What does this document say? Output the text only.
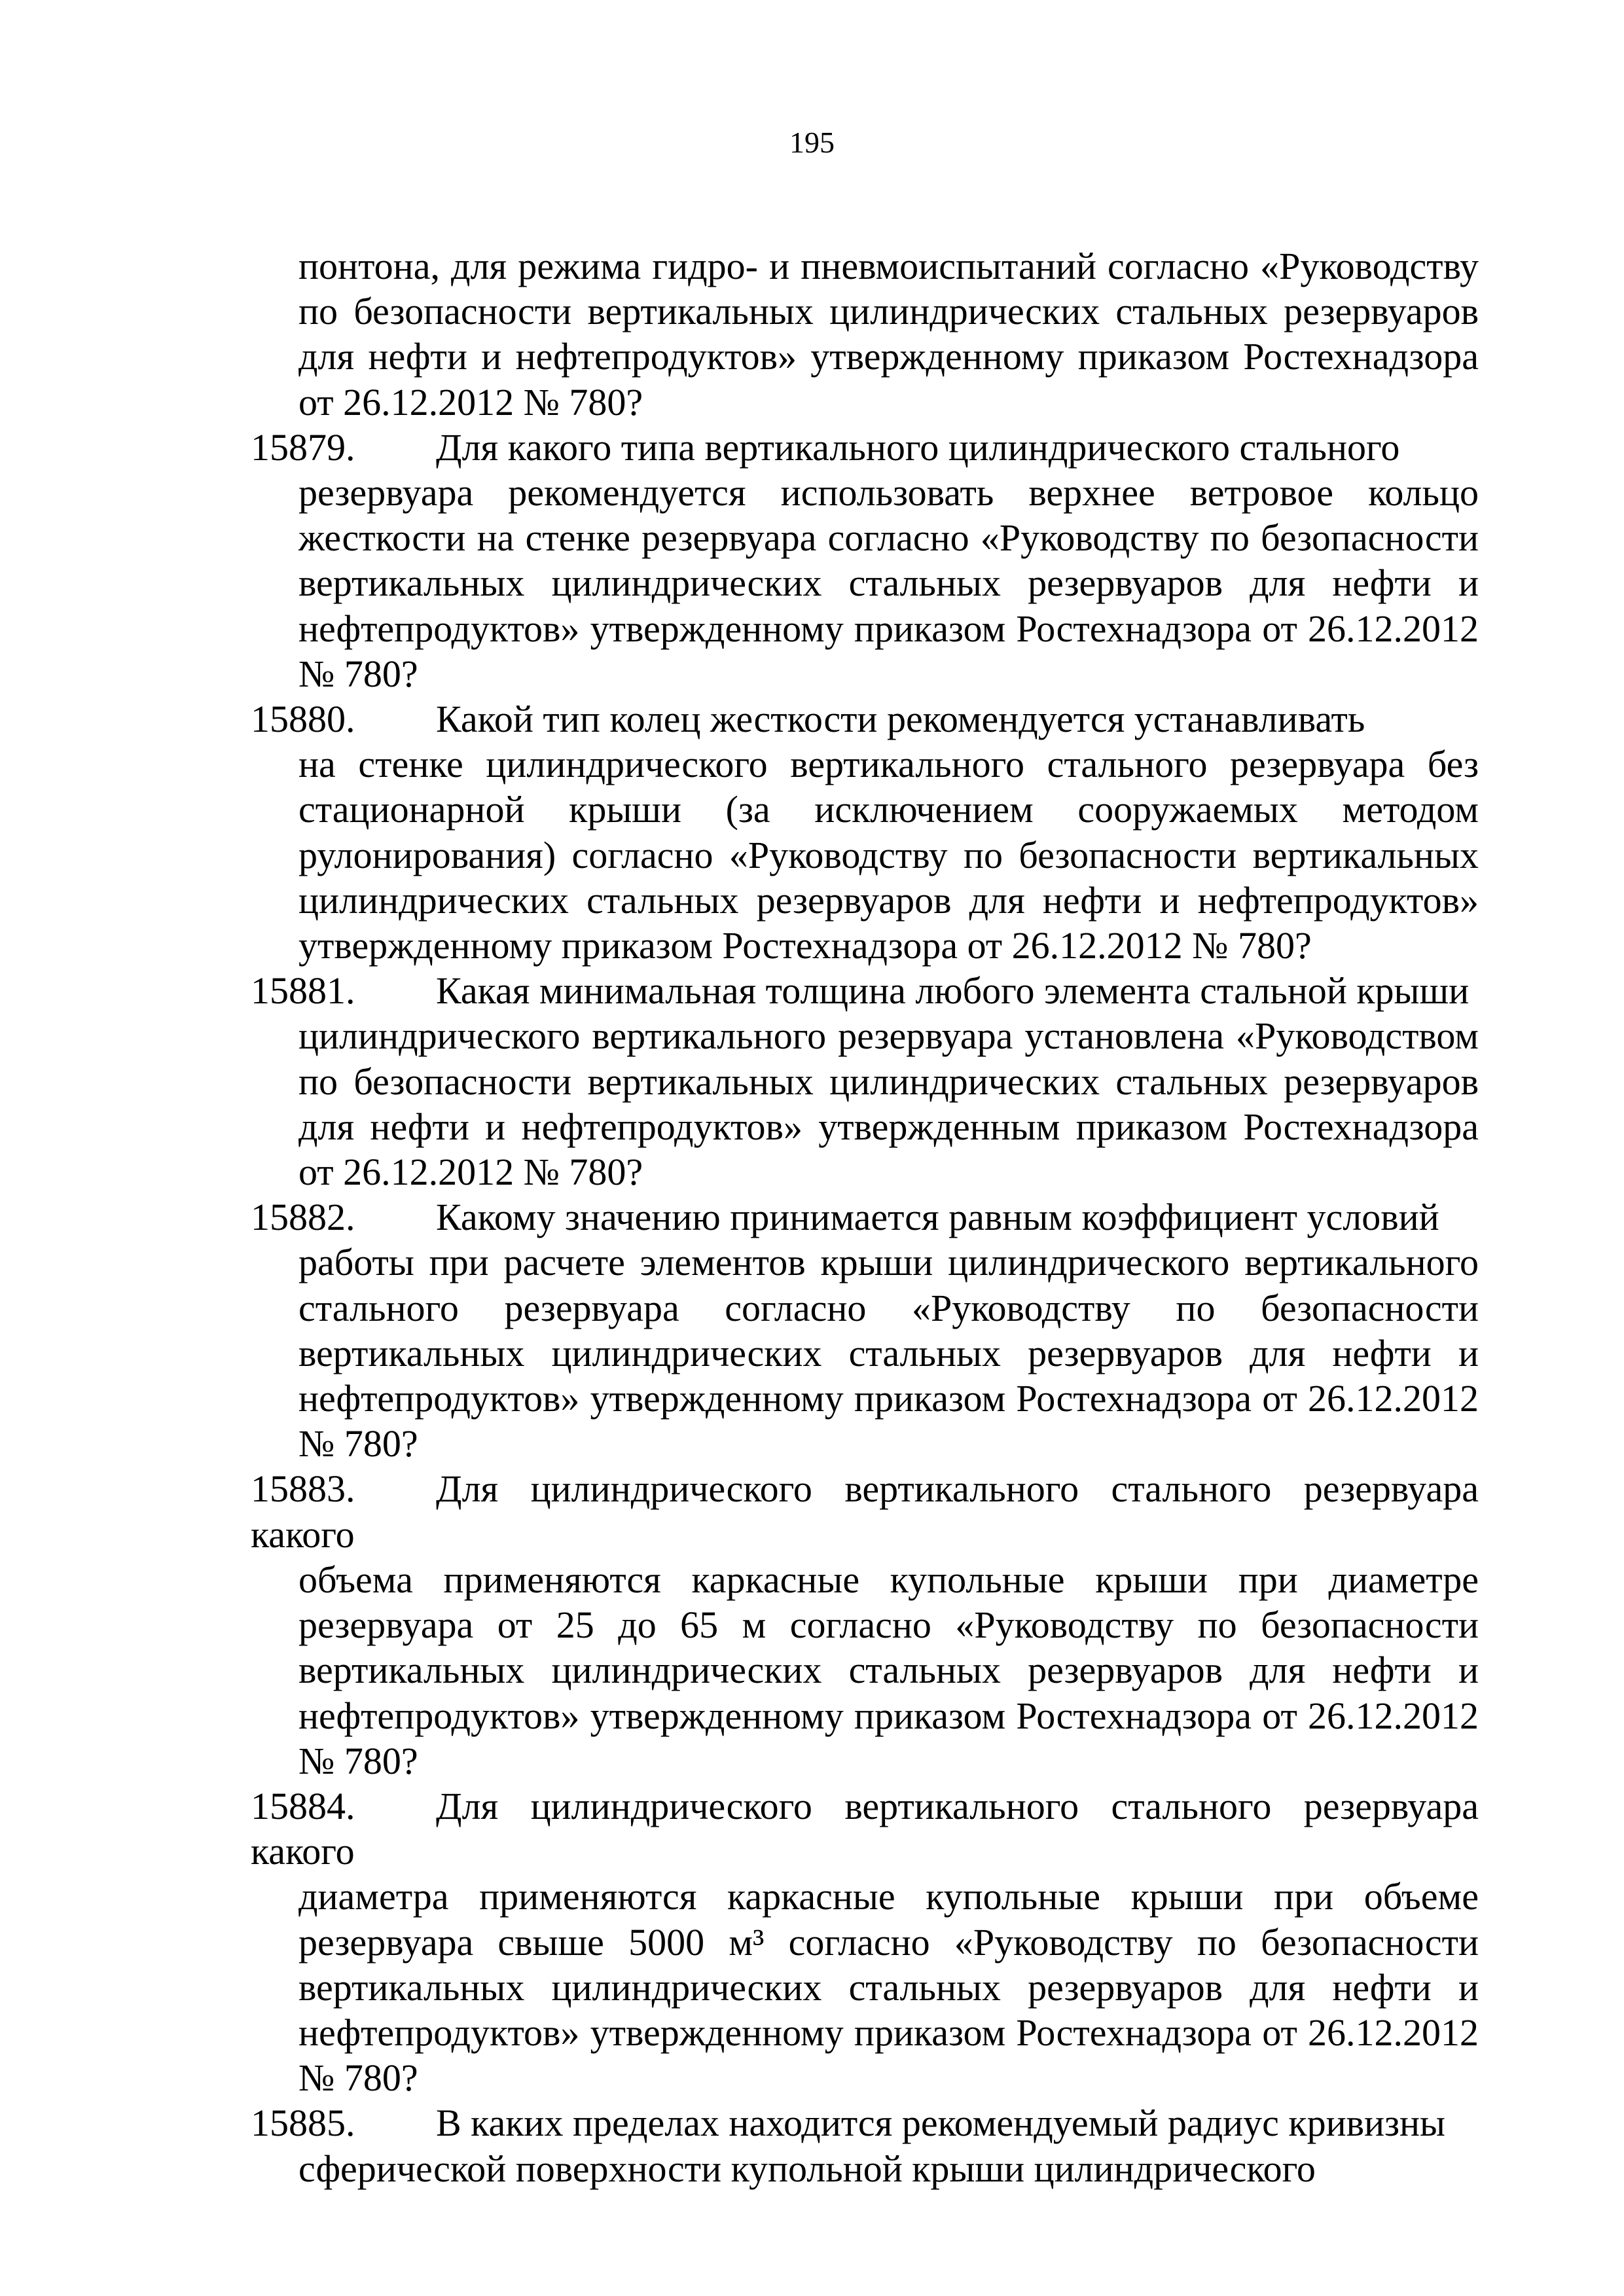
195

понтона, для режима гидро- и пневмоиспытаний согласно «Руководству по безопасности вертикальных цилиндрических стальных резервуаров для нефти и нефтепродуктов» утвержденному приказом Ростехнадзора от 26.12.2012 № 780?

15879. Для какого типа вертикального цилиндрического стального
резервуара рекомендуется использовать верхнее ветровое кольцо жесткости на стенке резервуара согласно «Руководству по безопасности вертикальных цилиндрических стальных резервуаров для нефти и нефтепродуктов» утвержденному приказом Ростехнадзора от 26.12.2012 № 780?
15880. Какой тип колец жесткости рекомендуется устанавливать
на стенке цилиндрического вертикального стального резервуара без стационарной крыши (за исключением сооружаемых методом рулонирования) согласно «Руководству по безопасности вертикальных цилиндрических стальных резервуаров для нефти и нефтепродуктов» утвержденному приказом Ростехнадзора от 26.12.2012 № 780?
15881. Какая минимальная толщина любого элемента стальной крыши
цилиндрического вертикального резервуара установлена «Руководством по безопасности вертикальных цилиндрических стальных резервуаров для нефти и нефтепродуктов» утвержденным приказом Ростехнадзора от 26.12.2012 № 780?
15882. Какому значению принимается равным коэффициент условий
работы при расчете элементов крыши цилиндрического вертикального стального резервуара согласно «Руководству по безопасности вертикальных цилиндрических стальных резервуаров для нефти и нефтепродуктов» утвержденному приказом Ростехнадзора от 26.12.2012 № 780?
15883. Для цилиндрического вертикального стального резервуара какого
объема применяются каркасные купольные крыши при диаметре резервуара от 25 до 65 м согласно «Руководству по безопасности вертикальных цилиндрических стальных резервуаров для нефти и нефтепродуктов» утвержденному приказом Ростехнадзора от 26.12.2012 № 780?
15884. Для цилиндрического вертикального стального резервуара какого
диаметра применяются каркасные купольные крыши при объеме резервуара свыше 5000 м³ согласно «Руководству по безопасности вертикальных цилиндрических стальных резервуаров для нефти и нефтепродуктов» утвержденному приказом Ростехнадзора от 26.12.2012 № 780?
15885. В каких пределах находится рекомендуемый радиус кривизны
сферической поверхности купольной крыши цилиндрического
